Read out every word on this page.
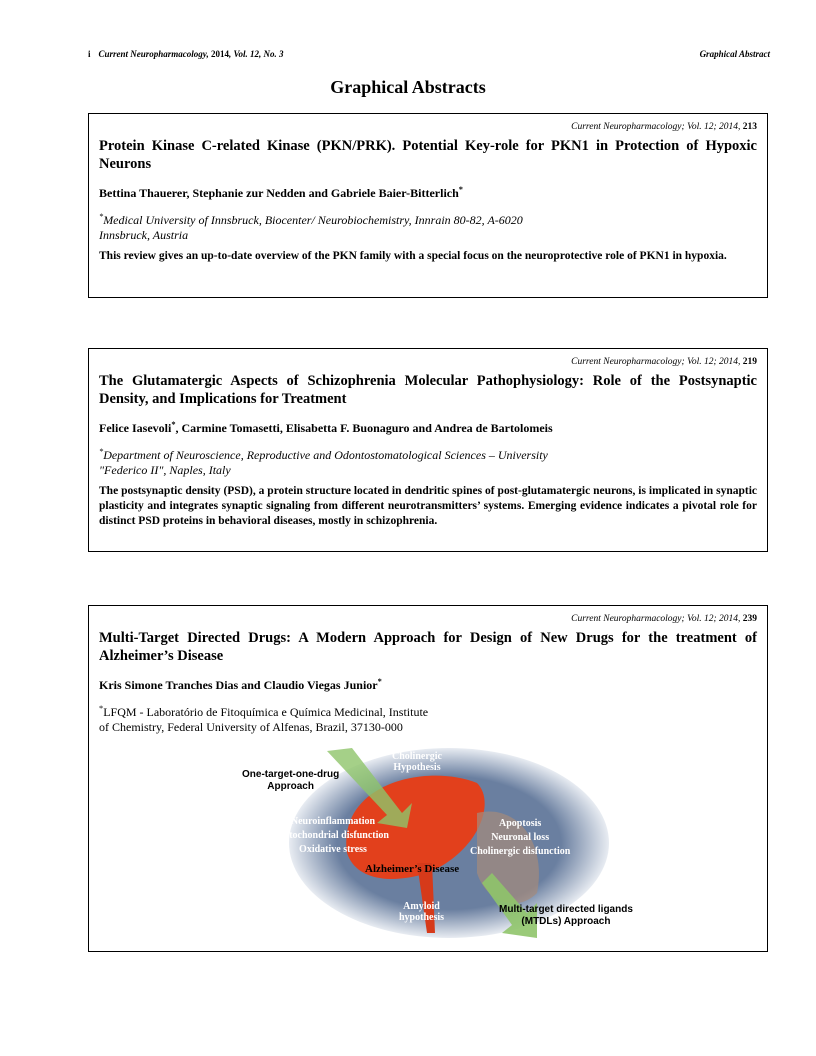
i Current Neuropharmacology, 2014, Vol. 12, No. 3	Graphical Abstract
Graphical Abstracts
Current Neuropharmacology; Vol. 12; 2014, 213
Protein Kinase C-related Kinase (PKN/PRK). Potential Key-role for PKN1 in Protection of Hypoxic Neurons
Bettina Thauerer, Stephanie zur Nedden and Gabriele Baier-Bitterlich*
*Medical University of Innsbruck, Biocenter/ Neurobiochemistry, Innrain 80-82, A-6020
Innsbruck, Austria
This review gives an up-to-date overview of the PKN family with a special focus on the neuroprotective role of PKN1 in hypoxia.
Current Neuropharmacology; Vol. 12; 2014, 219
The Glutamatergic Aspects of Schizophrenia Molecular Pathophysiology: Role of the Postsynaptic Density, and Implications for Treatment
Felice Iasevoli*, Carmine Tomasetti, Elisabetta F. Buonaguro and Andrea de Bartolomeis
*Department of Neuroscience, Reproductive and Odontostomatological Sciences – University
"Federico II", Naples, Italy
The postsynaptic density (PSD), a protein structure located in dendritic spines of post-glutamatergic neurons, is implicated in synaptic plasticity and integrates synaptic signaling from different neurotransmitters’ systems. Emerging evidence indicates a pivotal role for distinct PSD proteins in behavioral diseases, mostly in schizophrenia.
Current Neuropharmacology; Vol. 12; 2014, 239
Multi-Target Directed Drugs: A Modern Approach for Design of New Drugs for the treatment of Alzheimer’s Disease
Kris Simone Tranches Dias and Claudio Viegas Junior*
*LFQM - Laboratório de Fitoquímica e Química Medicinal, Institute
of Chemistry, Federal University of Alfenas, Brazil, 37130-000
One-target-one-drug
Approach
Cholinergic
Hypothesis
Neuroinflammation
Mitochondrial disfunction
Oxidative stress
Apoptosis
Neuronal loss
Cholinergic disfunction
Alzheimer’s Disease
Amyloid
hypothesis
Multi-target directed ligands
(MTDLs) Approach
